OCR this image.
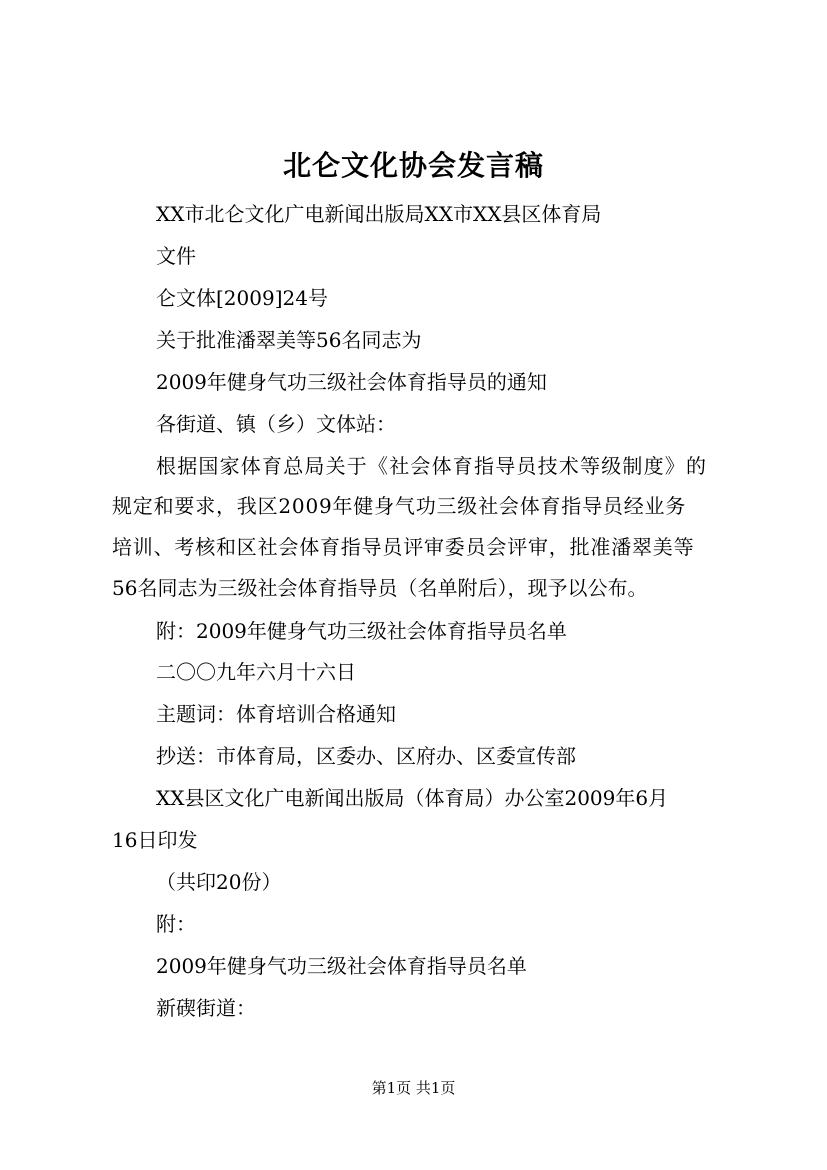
北仑文化协会发言稿
XX市北仑文化广电新闻出版局XX市XX县区体育局
文件
仑文体[2009]24号
关于批准潘翠美等56名同志为
2009年健身气功三级社会体育指导员的通知
各街道、镇（乡）文体站：
根据国家体育总局关于《社会体育指导员技术等级制度》的
规定和要求，我区2009年健身气功三级社会体育指导员经业务
培训、考核和区社会体育指导员评审委员会评审，批准潘翠美等
56名同志为三级社会体育指导员（名单附后），现予以公布。
附：2009年健身气功三级社会体育指导员名单
二〇〇九年六月十六日
主题词：体育培训合格通知
抄送：市体育局，区委办、区府办、区委宣传部
XX县区文化广电新闻出版局（体育局）办公室2009年6月
16日印发
（共印20份）
附：
2009年健身气功三级社会体育指导员名单
新碶街道：
第1页 共1页
